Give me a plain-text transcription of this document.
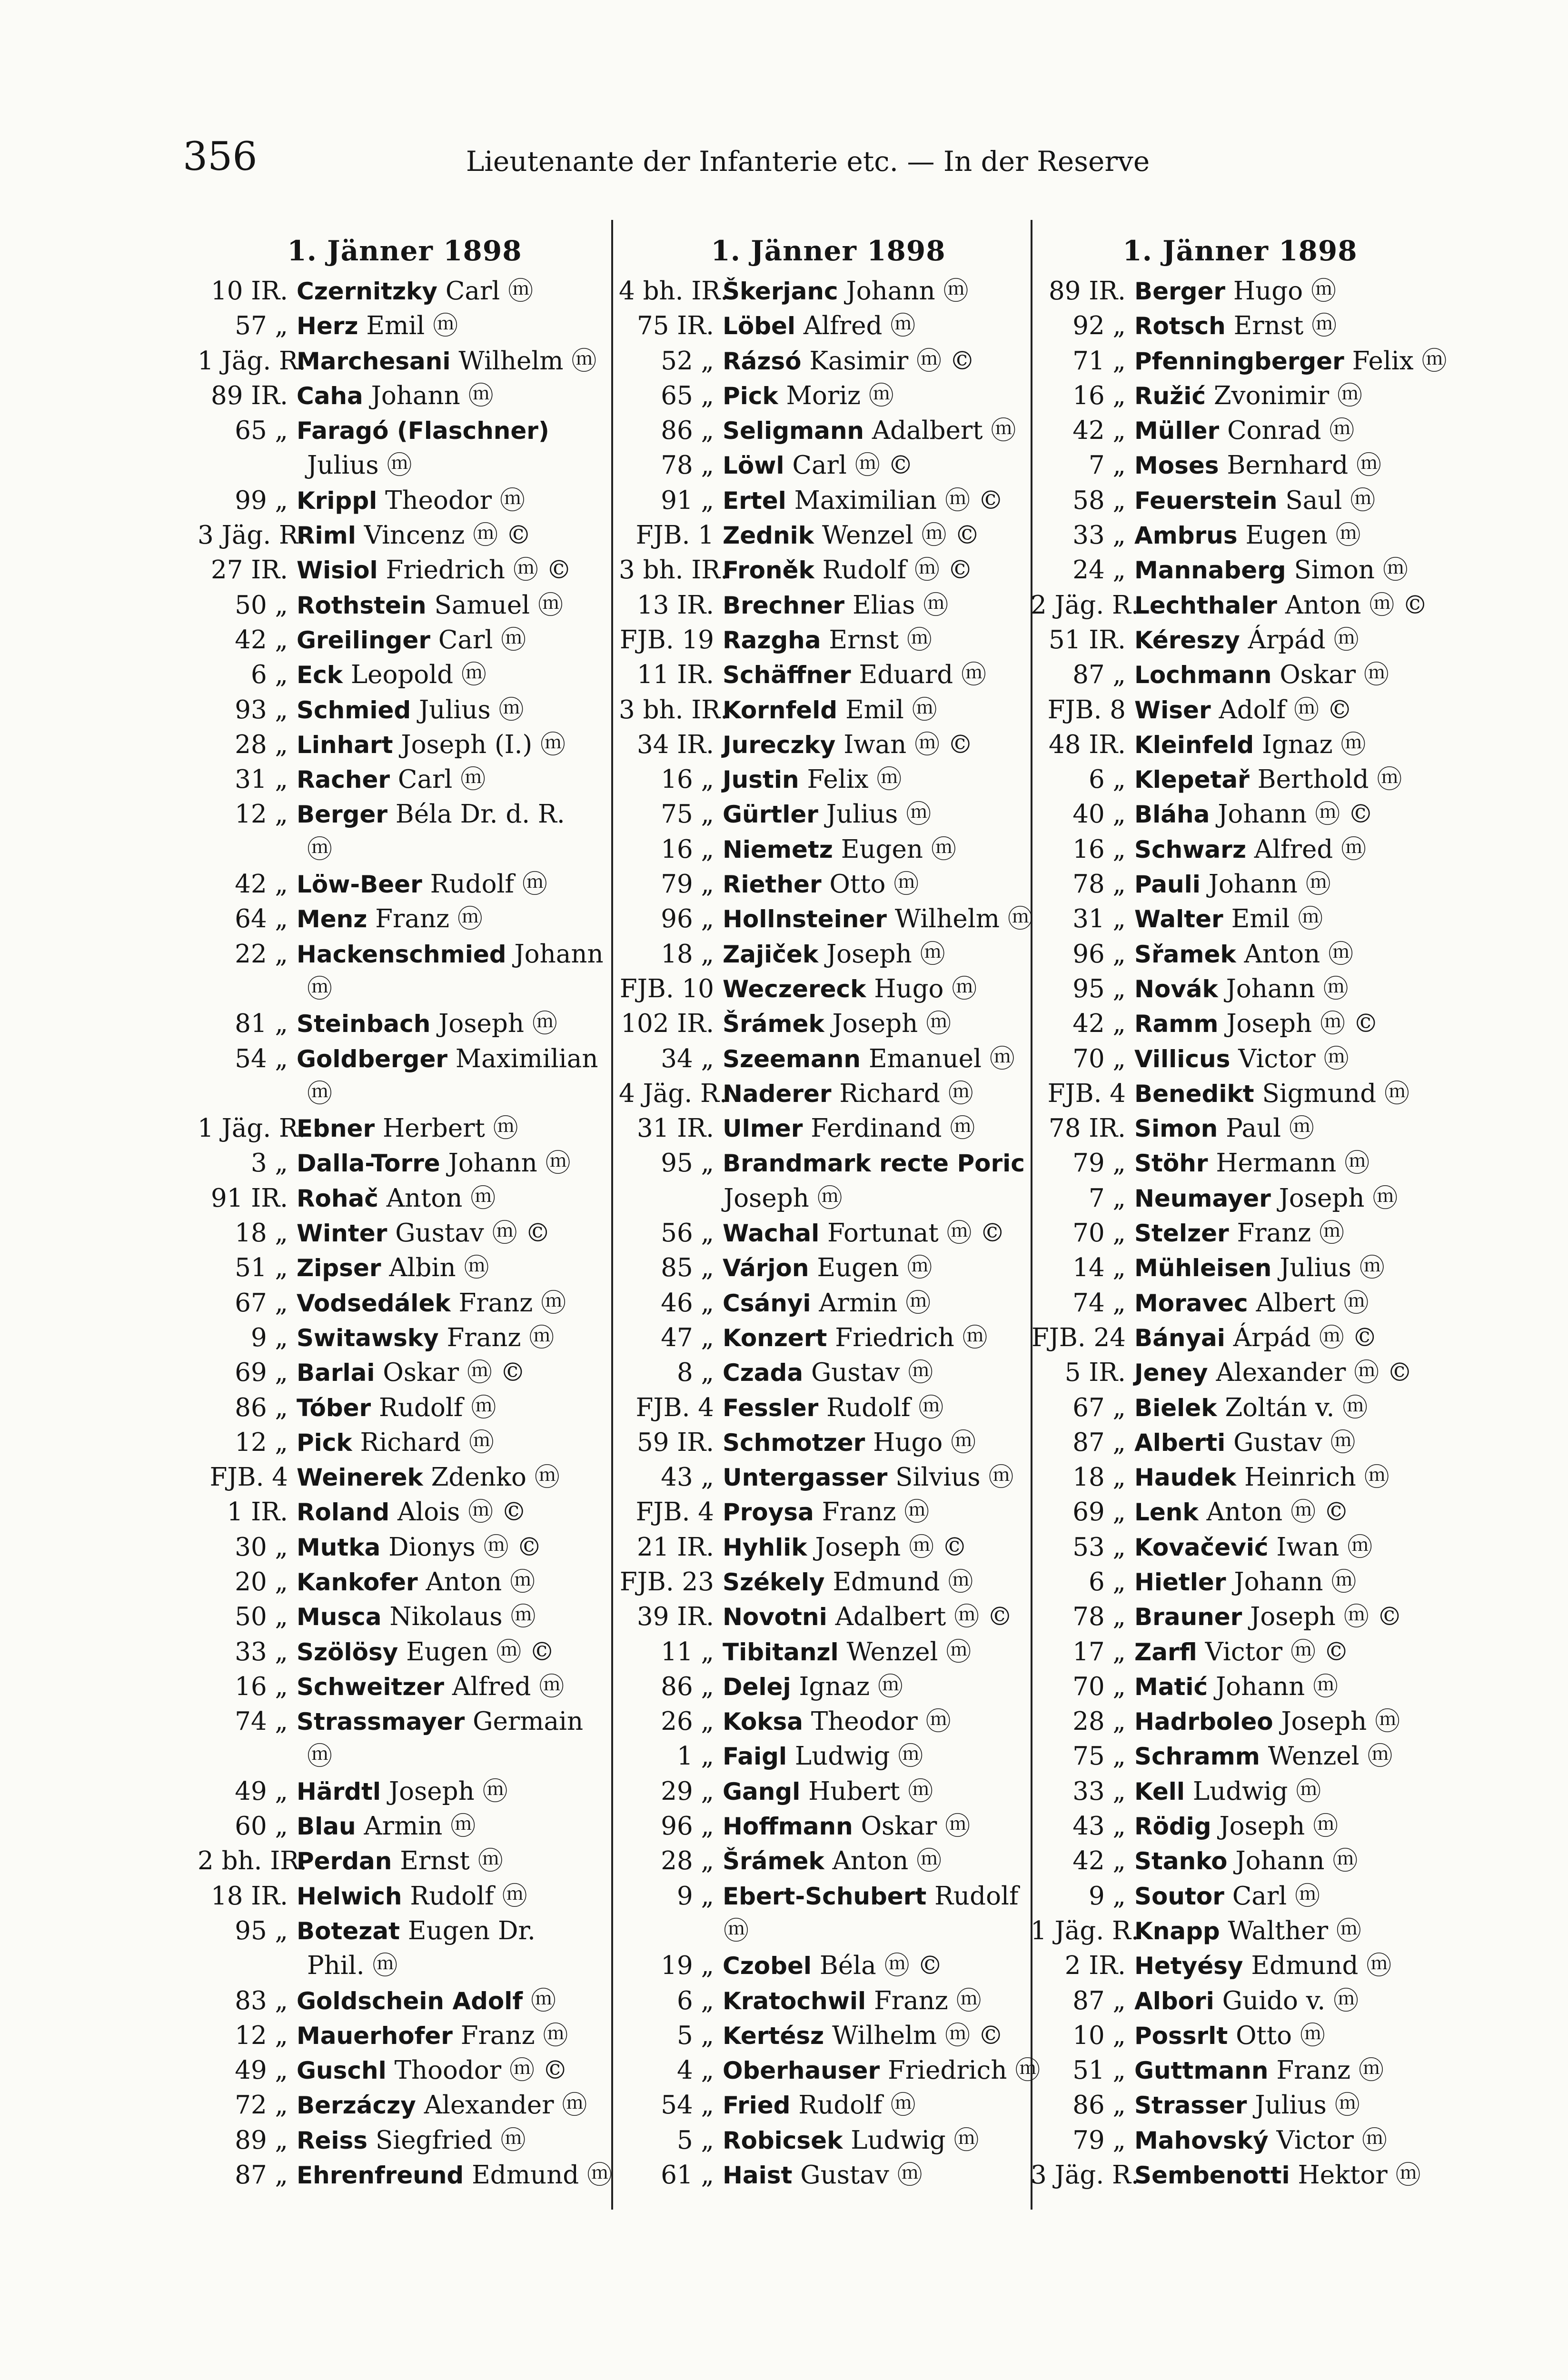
356	Lieutenante der Infanterie etc. — In der Reserve
1. Jänner 1898
10 IR. Czernitzky Carl ⓜ
57 „ Herz Emil ⓜ
1 Jäg. R.Marchesani Wilhelm ⓜ
89 IR. Caha Johann ⓜ
65 „ Faragó (Flaschner)
Julius ⓜ
99 „ Krippl Theodor ⓜ
3 Jäg. R.Riml Vincenz ⓜ ©
27 IR. Wisiol Friedrich ⓜ ©
50 „ Rothstein Samuel ⓜ
42 „ Greilinger Carl ⓜ
6 „ Eck Leopold ⓜ
93 „ Schmied Julius ⓜ
28 „ Linhart Joseph (I.) ⓜ
31 „ Racher Carl ⓜ
12 „ Berger Béla Dr. d. R.
ⓜ
42 „ Löw-Beer Rudolf ⓜ
64 „ Menz Franz ⓜ
22 „ Hackenschmied Johann
ⓜ
81 „ Steinbach Joseph ⓜ
54 „ Goldberger Maximilian
ⓜ
1 Jäg. R.Ebner Herbert ⓜ
3 „ Dalla-Torre Johann ⓜ
91 IR. Rohač Anton ⓜ
18 „ Winter Gustav ⓜ ©
51 „ Zipser Albin ⓜ
67 „ Vodsedálek Franz ⓜ
9 „ Switawsky Franz ⓜ
69 „ Barlai Oskar ⓜ ©
86 „ Tóber Rudolf ⓜ
12 „ Pick Richard ⓜ
FJB. 4 Weinerek Zdenko ⓜ
1 IR. Roland Alois ⓜ ©
30 „ Mutka Dionys ⓜ ©
20 „ Kankofer Anton ⓜ
50 „ Musca Nikolaus ⓜ
33 „ Szölösy Eugen ⓜ ©
16 „ Schweitzer Alfred ⓜ
74 „ Strassmayer Germain
ⓜ
49 „ Härdtl Joseph ⓜ
60 „ Blau Armin ⓜ
2 bh. IR.Perdan Ernst ⓜ
18 IR. Helwich Rudolf ⓜ
95 „ Botezat Eugen Dr.
Phil. ⓜ
83 „ Goldschein Adolf ⓜ
12 „ Mauerhofer Franz ⓜ
49 „ Guschl Thoodor ⓜ ©
72 „ Berzáczy Alexander ⓜ
89 „ Reiss Siegfried ⓜ
87 „ Ehrenfreund Edmund ⓜ
1. Jänner 1898
4 bh. IR.Škerjanc Johann ⓜ
75 IR. Löbel Alfred ⓜ
52 „ Rázsó Kasimir ⓜ ©
65 „ Pick Moriz ⓜ
86 „ Seligmann Adalbert ⓜ
78 „ Löwl Carl ⓜ ©
91 „ Ertel Maximilian ⓜ ©
FJB. 1 Zednik Wenzel ⓜ ©
3 bh. IR.Froněk Rudolf ⓜ ©
13 IR. Brechner Elias ⓜ
FJB. 19 Razgha Ernst ⓜ
11 IR. Schäffner Eduard ⓜ
3 bh. IR.Kornfeld Emil ⓜ
34 IR. Jureczky Iwan ⓜ ©
16 „ Justin Felix ⓜ
75 „ Gürtler Julius ⓜ
16 „ Niemetz Eugen ⓜ
79 „ Riether Otto ⓜ
96 „ Hollnsteiner Wilhelm ⓜ
18 „ Zajiček Joseph ⓜ
FJB. 10 Weczereck Hugo ⓜ
102 IR. Šrámek Joseph ⓜ
34 „ Szeemann Emanuel ⓜ
4 Jäg. R.Naderer Richard ⓜ
31 IR. Ulmer Ferdinand ⓜ
95 „ Brandmark recte Poric
Joseph ⓜ
56 „ Wachal Fortunat ⓜ ©
85 „ Várjon Eugen ⓜ
46 „ Csányi Armin ⓜ
47 „ Konzert Friedrich ⓜ
8 „ Czada Gustav ⓜ
FJB. 4 Fessler Rudolf ⓜ
59 IR. Schmotzer Hugo ⓜ
43 „ Untergasser Silvius ⓜ
FJB. 4 Proysa Franz ⓜ
21 IR. Hyhlik Joseph ⓜ ©
FJB. 23 Székely Edmund ⓜ
39 IR. Novotni Adalbert ⓜ ©
11 „ Tibitanzl Wenzel ⓜ
86 „ Delej Ignaz ⓜ
26 „ Koksa Theodor ⓜ
1 „ Faigl Ludwig ⓜ
29 „ Gangl Hubert ⓜ
96 „ Hoffmann Oskar ⓜ
28 „ Šrámek Anton ⓜ
9 „ Ebert-Schubert Rudolf
ⓜ
19 „ Czobel Béla ⓜ ©
6 „ Kratochwil Franz ⓜ
5 „ Kertész Wilhelm ⓜ ©
4 „ Oberhauser Friedrich ⓜ
54 „ Fried Rudolf ⓜ
5 „ Robicsek Ludwig ⓜ
61 „ Haist Gustav ⓜ
1. Jänner 1898
89 IR. Berger Hugo ⓜ
92 „ Rotsch Ernst ⓜ
71 „ Pfenningberger Felix ⓜ
16 „ Ružić Zvonimir ⓜ
42 „ Müller Conrad ⓜ
7 „ Moses Bernhard ⓜ
58 „ Feuerstein Saul ⓜ
33 „ Ambrus Eugen ⓜ
24 „ Mannaberg Simon ⓜ
2 Jäg. R.Lechthaler Anton ⓜ ©
51 IR. Kéreszy Árpád ⓜ
87 „ Lochmann Oskar ⓜ
FJB. 8 Wiser Adolf ⓜ ©
48 IR. Kleinfeld Ignaz ⓜ
6 „ Klepetař Berthold ⓜ
40 „ Bláha Johann ⓜ ©
16 „ Schwarz Alfred ⓜ
78 „ Pauli Johann ⓜ
31 „ Walter Emil ⓜ
96 „ Sřamek Anton ⓜ
95 „ Novák Johann ⓜ
42 „ Ramm Joseph ⓜ ©
70 „ Villicus Victor ⓜ
FJB. 4 Benedikt Sigmund ⓜ
78 IR. Simon Paul ⓜ
79 „ Stöhr Hermann ⓜ
7 „ Neumayer Joseph ⓜ
70 „ Stelzer Franz ⓜ
14 „ Mühleisen Julius ⓜ
74 „ Moravec Albert ⓜ
FJB. 24 Bányai Árpád ⓜ ©
5 IR. Jeney Alexander ⓜ ©
67 „ Bielek Zoltán v. ⓜ
87 „ Alberti Gustav ⓜ
18 „ Haudek Heinrich ⓜ
69 „ Lenk Anton ⓜ ©
53 „ Kovačević Iwan ⓜ
6 „ Hietler Johann ⓜ
78 „ Brauner Joseph ⓜ ©
17 „ Zarfl Victor ⓜ ©
70 „ Matić Johann ⓜ
28 „ Hadrboleo Joseph ⓜ
75 „ Schramm Wenzel ⓜ
33 „ Kell Ludwig ⓜ
43 „ Rödig Joseph ⓜ
42 „ Stanko Johann ⓜ
9 „ Soutor Carl ⓜ
1 Jäg. R.Knapp Walther ⓜ
2 IR. Hetyésy Edmund ⓜ
87 „ Albori Guido v. ⓜ
10 „ Possrlt Otto ⓜ
51 „ Guttmann Franz ⓜ
86 „ Strasser Julius ⓜ
79 „ Mahovský Victor ⓜ
3 Jäg. R.Sembenotti Hektor ⓜ
